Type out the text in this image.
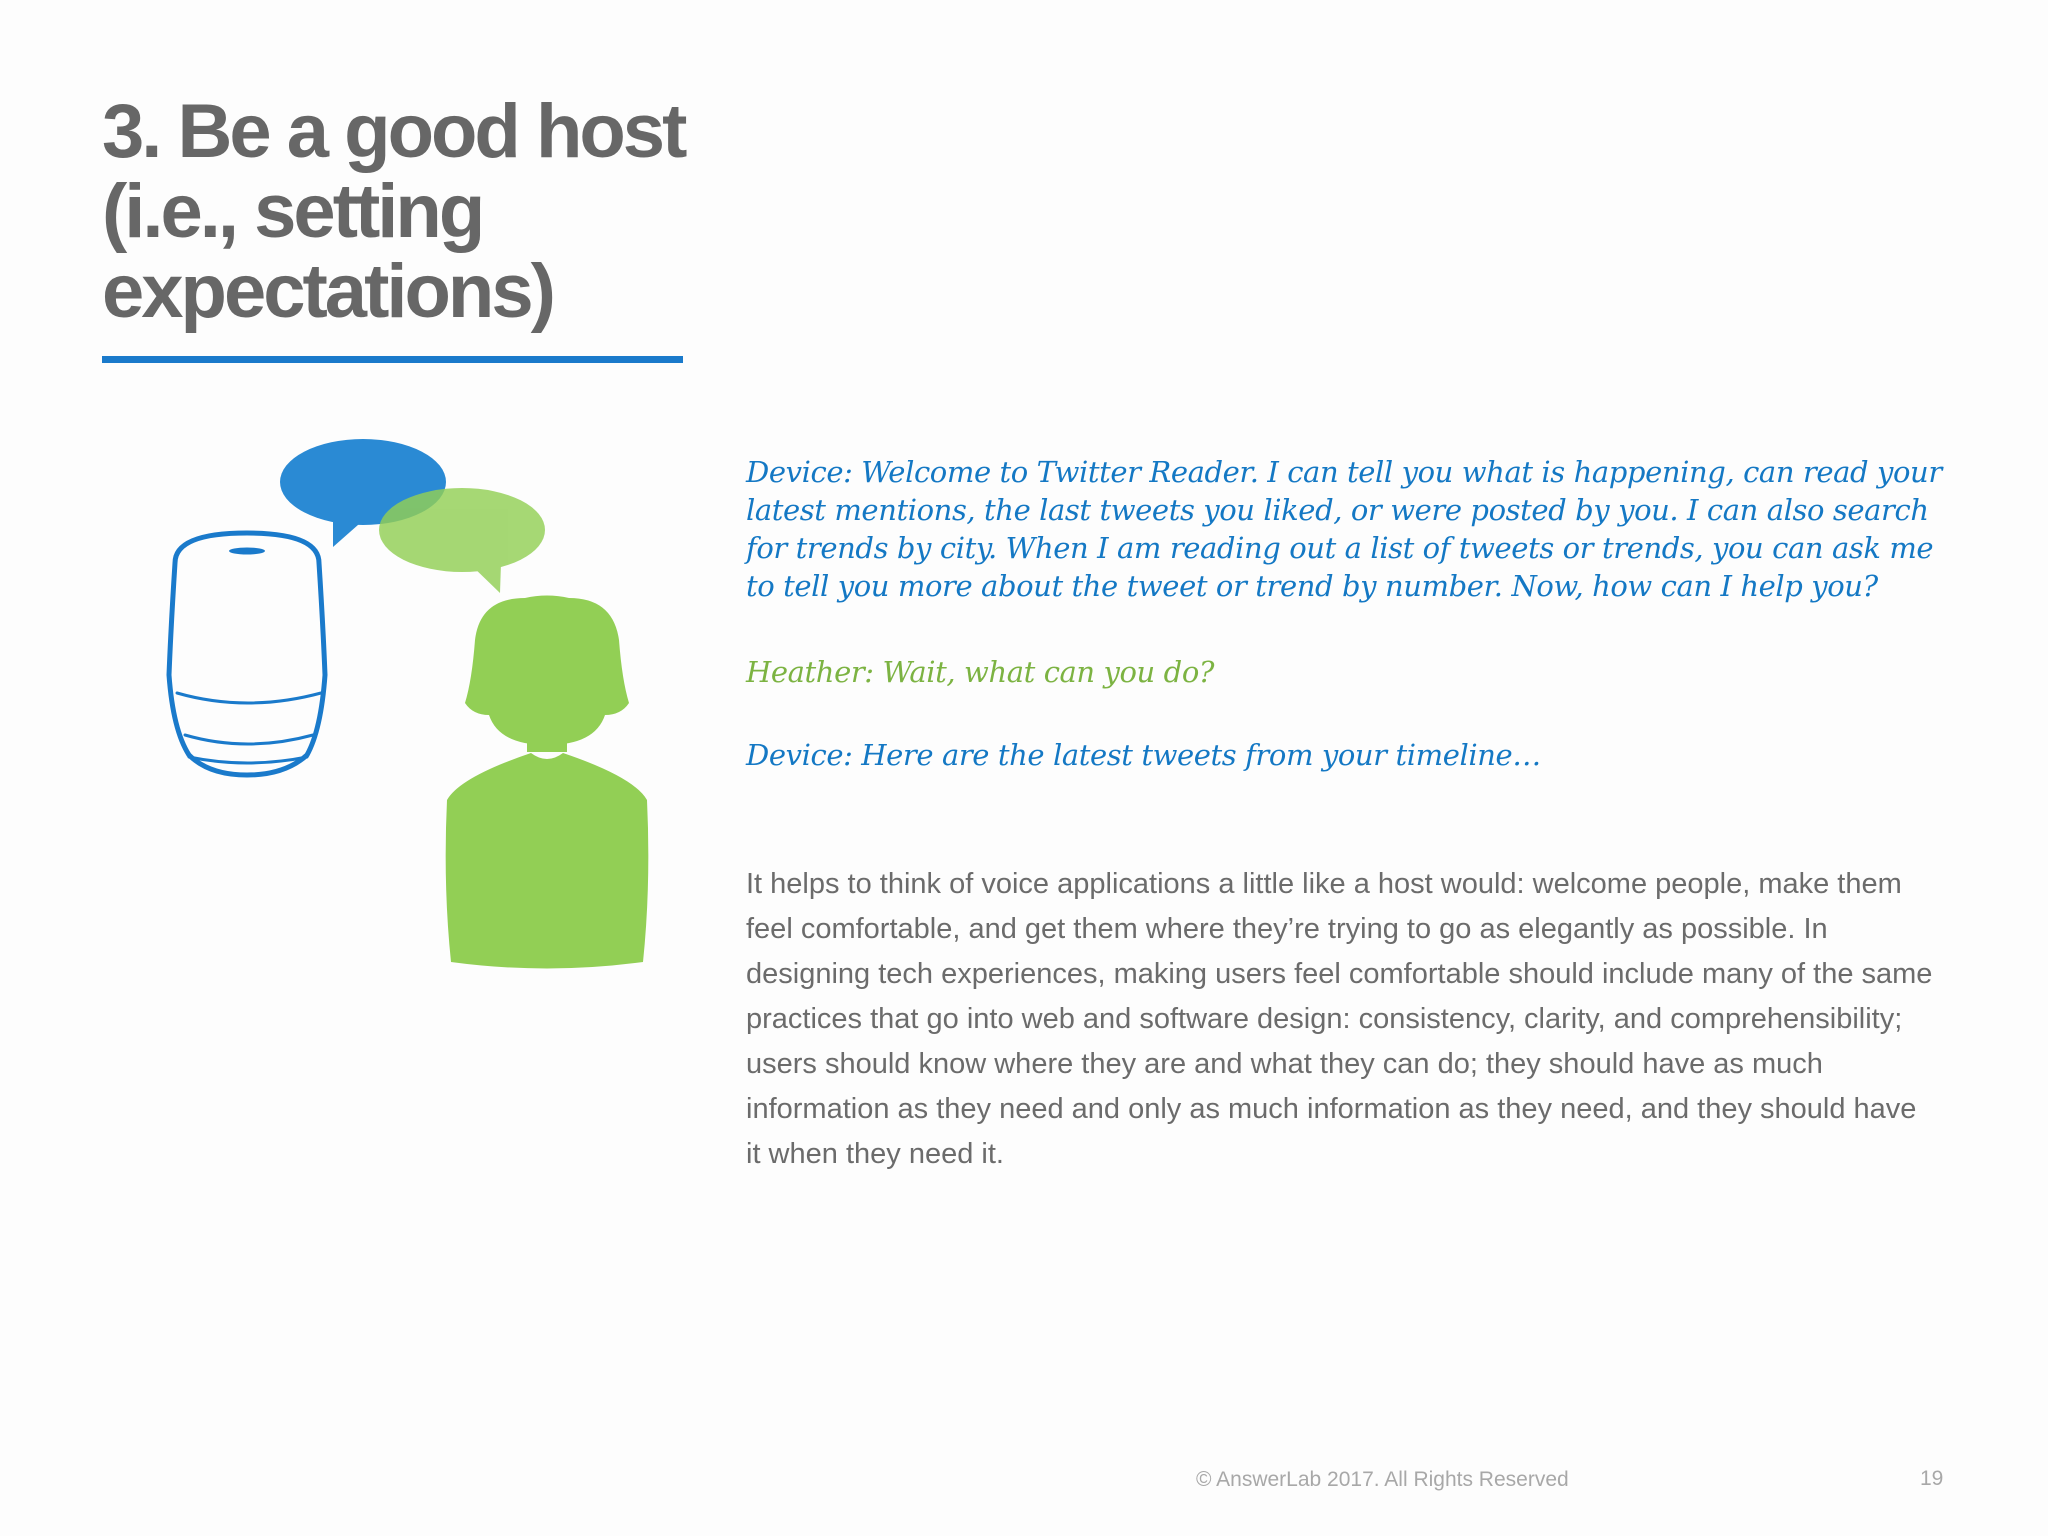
3. Be a good host
(i.e., setting
expectations)

Device: Welcome to Twitter Reader. I can tell you what is happening, can read your latest mentions, the last tweets you liked, or were posted by you. I can also search for trends by city. When I am reading out a list of tweets or trends, you can ask me to tell you more about the tweet or trend by number. Now, how can I help you?

Heather: Wait, what can you do?

Device: Here are the latest tweets from your timeline…

It helps to think of voice applications a little like a host would: welcome people, make them feel comfortable, and get them where they’re trying to go as elegantly as possible. In designing tech experiences, making users feel comfortable should include many of the same practices that go into web and software design: consistency, clarity, and comprehensibility; users should know where they are and what they can do; they should have as much information as they need and only as much information as they need, and they should have it when they need it.

© AnswerLab 2017. All Rights Reserved	19
